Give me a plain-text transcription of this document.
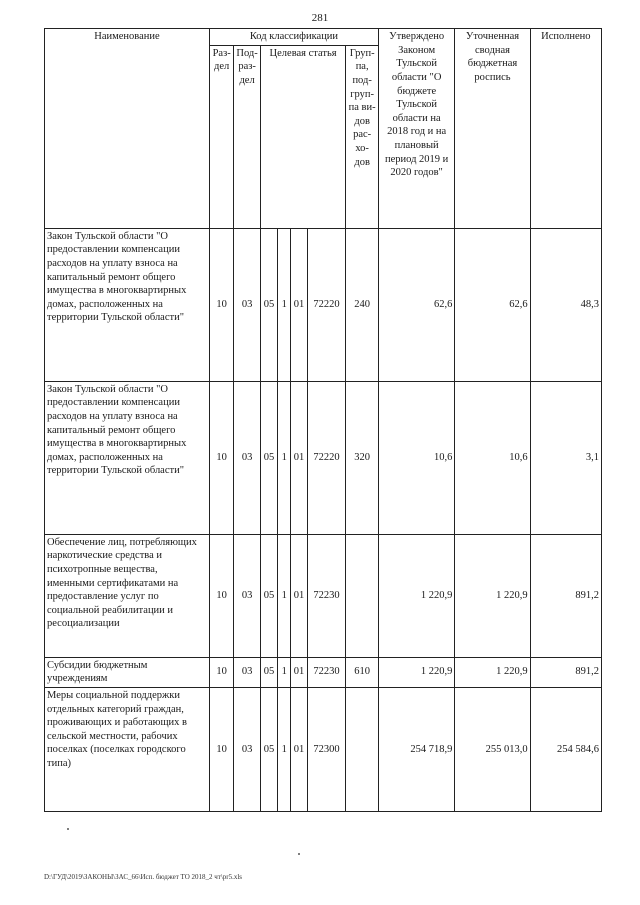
281
Наименование	Код классификации							Утверждено Законом Тульской области "О бюджете Тульской области на 2018 год и на плановый период 2019 и 2020 годов"	Уточненная сводная бюджетная роспись	Исполнено
	Раз-дел	Под-раз-дел	Целевая статья				Груп-па, под-груп-па ви-дов рас-хо-дов			
Закон Тульской области "О предоставлении компенсации расходов на уплату взноса на капитальный ремонт общего имущества в многоквартирных домах, расположенных на территории Тульской области"	10	03	05	1	01	72220	240	62,6	62,6	48,3
Закон Тульской области "О предоставлении компенсации расходов на уплату взноса на капитальный ремонт общего имущества в многоквартирных домах, расположенных на территории Тульской области"	10	03	05	1	01	72220	320	10,6	10,6	3,1
Обеспечение лиц, потребляющих наркотические средства и психотропные вещества, именными сертификатами на предоставление услуг по социальной реабилитации и ресоциализации	10	03	05	1	01	72230		1 220,9	1 220,9	891,2
Субсидии бюджетным учреждениям	10	03	05	1	01	72230	610	1 220,9	1 220,9	891,2
Меры социальной поддержки отдельных категорий граждан, проживающих и работающих в сельской местности, рабочих поселках (поселках городского типа)	10	03	05	1	01	72300		254 718,9	255 013,0	254 584,6
D:\ГУД\2019\ЗАКОНЫ\ЗАС_66\Исп. бюджет ТО 2018_2 чт\pr5.xls
